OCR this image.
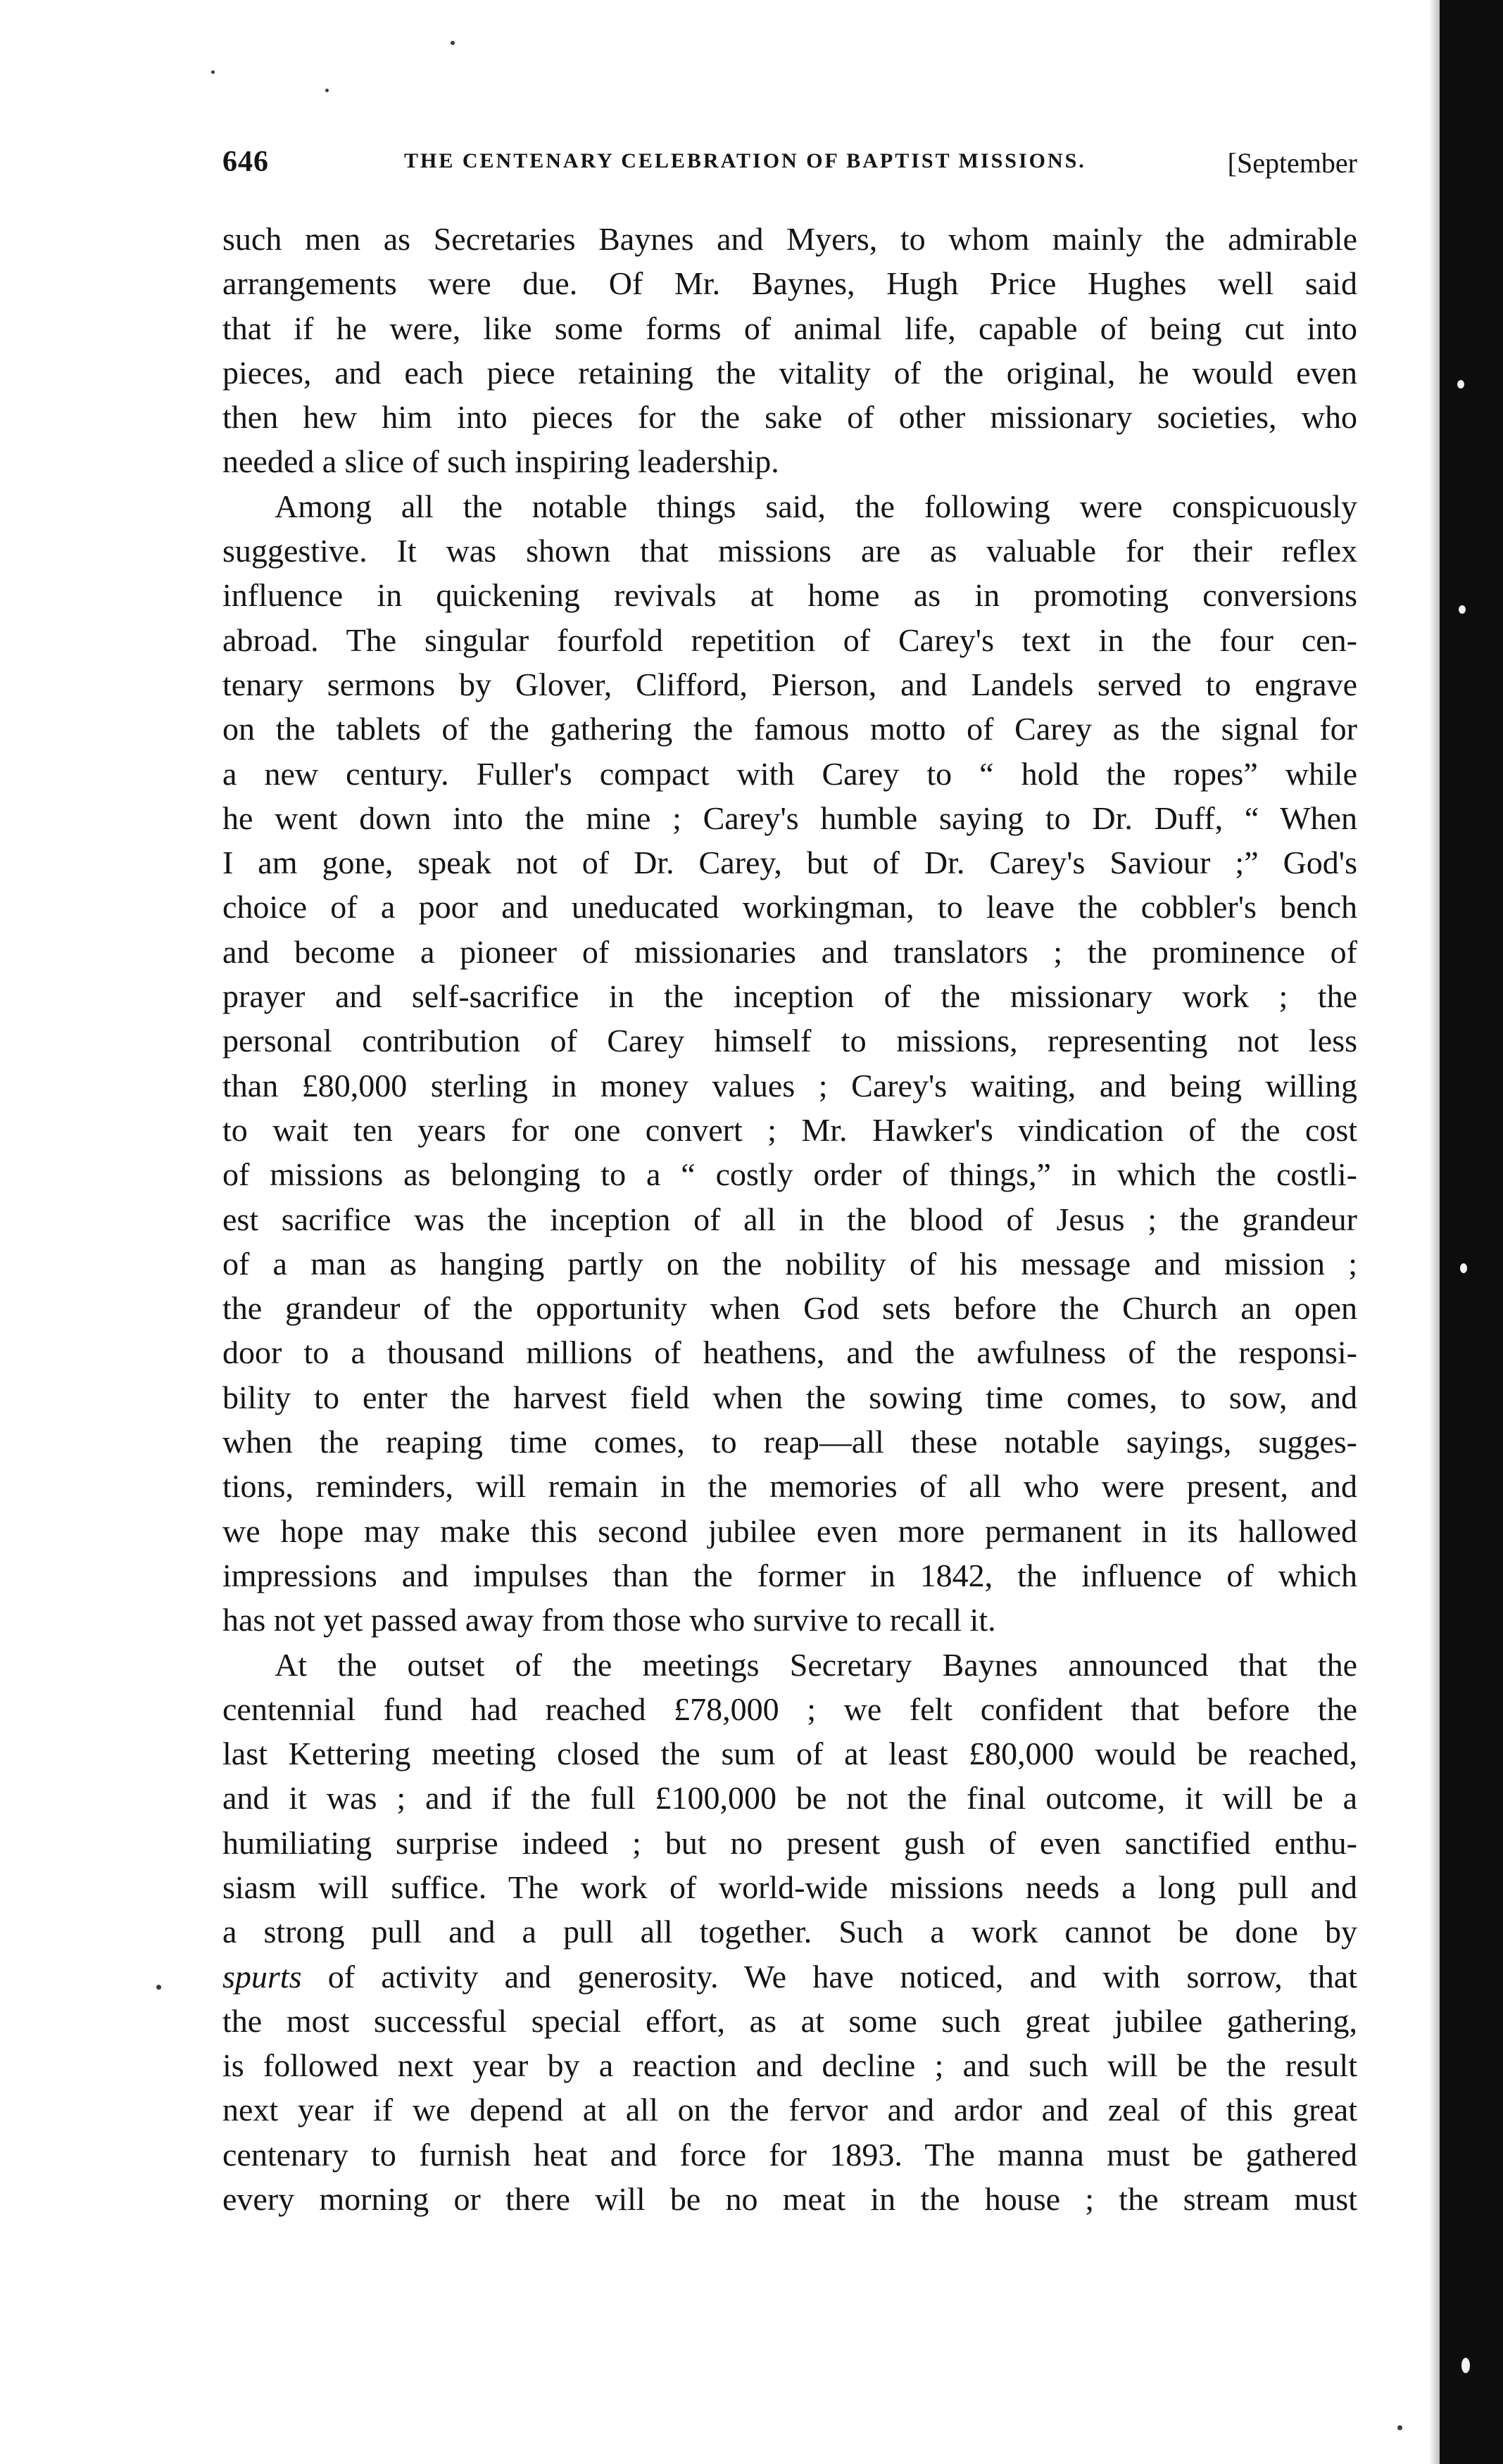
646	THE CENTENARY CELEBRATION OF BAPTIST MISSIONS.	[September
such men as Secretaries Baynes and Myers, to whom mainly the admirable
arrangements were due. Of Mr. Baynes, Hugh Price Hughes well said
that if he were, like some forms of animal life, capable of being cut into
pieces, and each piece retaining the vitality of the original, he would even
then hew him into pieces for the sake of other missionary societies, who
needed a slice of such inspiring leadership.
Among all the notable things said, the following were conspicuously
suggestive. It was shown that missions are as valuable for their reflex
influence in quickening revivals at home as in promoting conversions
abroad. The singular fourfold repetition of Carey's text in the four cen-
tenary sermons by Glover, Clifford, Pierson, and Landels served to engrave
on the tablets of the gathering the famous motto of Carey as the signal for
a new century. Fuller's compact with Carey to “ hold the ropes” while
he went down into the mine ; Carey's humble saying to Dr. Duff, “ When
I am gone, speak not of Dr. Carey, but of Dr. Carey's Saviour ;” God's
choice of a poor and uneducated workingman, to leave the cobbler's bench
and become a pioneer of missionaries and translators ; the prominence of
prayer and self-sacrifice in the inception of the missionary work ; the
personal contribution of Carey himself to missions, representing not less
than £80,000 sterling in money values ; Carey's waiting, and being willing
to wait ten years for one convert ; Mr. Hawker's vindication of the cost
of missions as belonging to a “ costly order of things,” in which the costli-
est sacrifice was the inception of all in the blood of Jesus ; the grandeur
of a man as hanging partly on the nobility of his message and mission ;
the grandeur of the opportunity when God sets before the Church an open
door to a thousand millions of heathens, and the awfulness of the responsi-
bility to enter the harvest field when the sowing time comes, to sow, and
when the reaping time comes, to reap—all these notable sayings, sugges-
tions, reminders, will remain in the memories of all who were present, and
we hope may make this second jubilee even more permanent in its hallowed
impressions and impulses than the former in 1842, the influence of which
has not yet passed away from those who survive to recall it.
At the outset of the meetings Secretary Baynes announced that the
centennial fund had reached £78,000 ; we felt confident that before the
last Kettering meeting closed the sum of at least £80,000 would be reached,
and it was ; and if the full £100,000 be not the final outcome, it will be a
humiliating surprise indeed ; but no present gush of even sanctified enthu-
siasm will suffice. The work of world-wide missions needs a long pull and
a strong pull and a pull all together. Such a work cannot be done by
spurts of activity and generosity. We have noticed, and with sorrow, that
the most successful special effort, as at some such great jubilee gathering,
is followed next year by a reaction and decline ; and such will be the result
next year if we depend at all on the fervor and ardor and zeal of this great
centenary to furnish heat and force for 1893. The manna must be gathered
every morning or there will be no meat in the house ; the stream must
